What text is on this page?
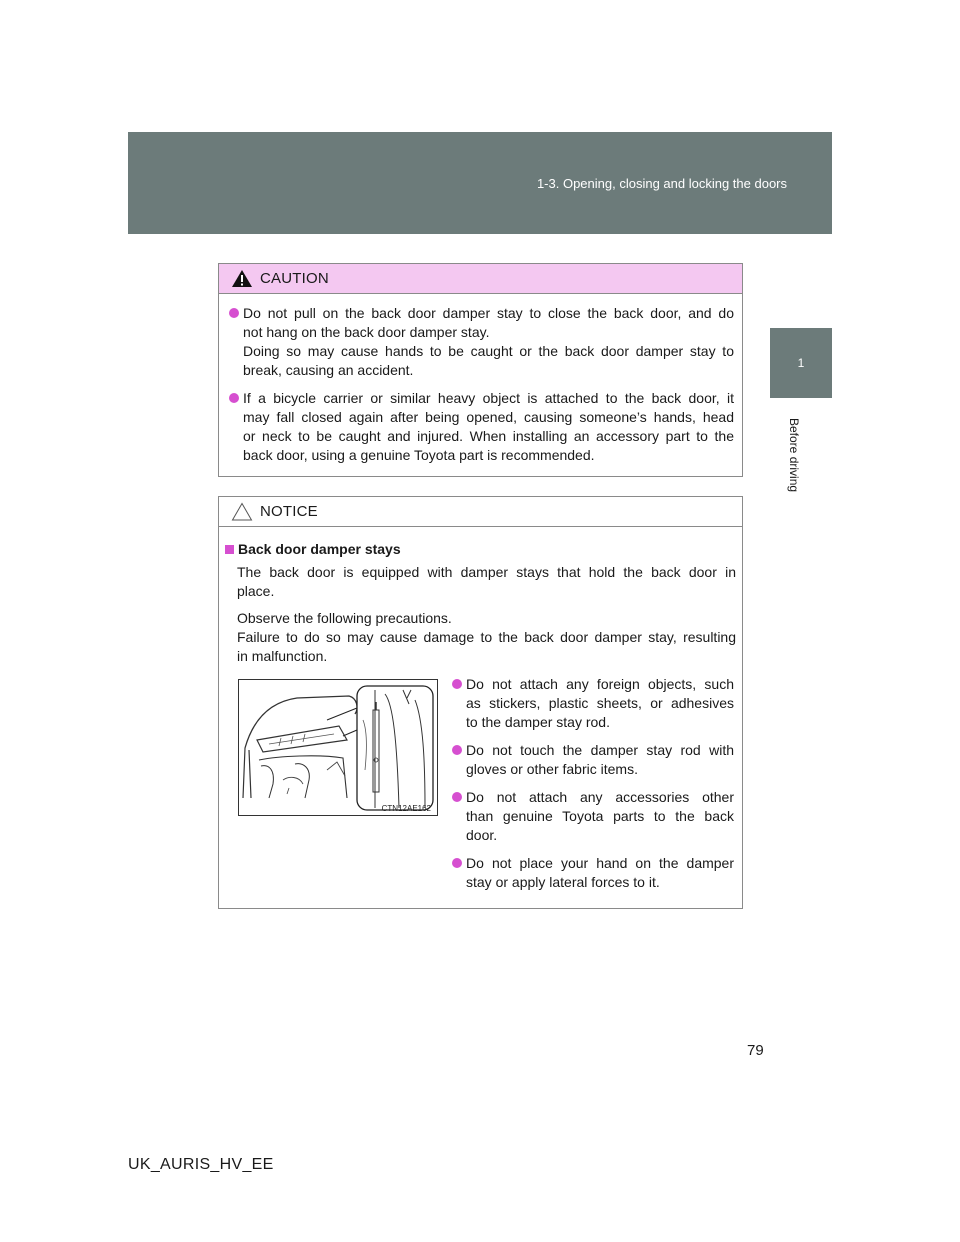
1-3. Opening, closing and locking the doors
1
Before driving
CAUTION
Do not pull on the back door damper stay to close the back door, and do
not hang on the back door damper stay.
Doing so may cause hands to be caught or the back door damper stay to
break, causing an accident.
If a bicycle carrier or similar heavy object is attached to the back door, it
may fall closed again after being opened, causing someone’s hands, head
or neck to be caught and injured. When installing an accessory part to the
back door, using a genuine Toyota part is recommended.
NOTICE
Back door damper stays
The back door is equipped with damper stays that hold the back door in
place.
Observe the following precautions.
Failure to do so may cause damage to the back door damper stay, resulting
in malfunction.
CTN12AE162
Do not attach any foreign objects, such
as stickers, plastic sheets, or adhesives
to the damper stay rod.
Do not touch the damper stay rod with
gloves or other fabric items.
Do not attach any accessories other
than genuine Toyota parts to the back
door.
Do not place your hand on the damper
stay or apply lateral forces to it.
79
UK_AURIS_HV_EE
